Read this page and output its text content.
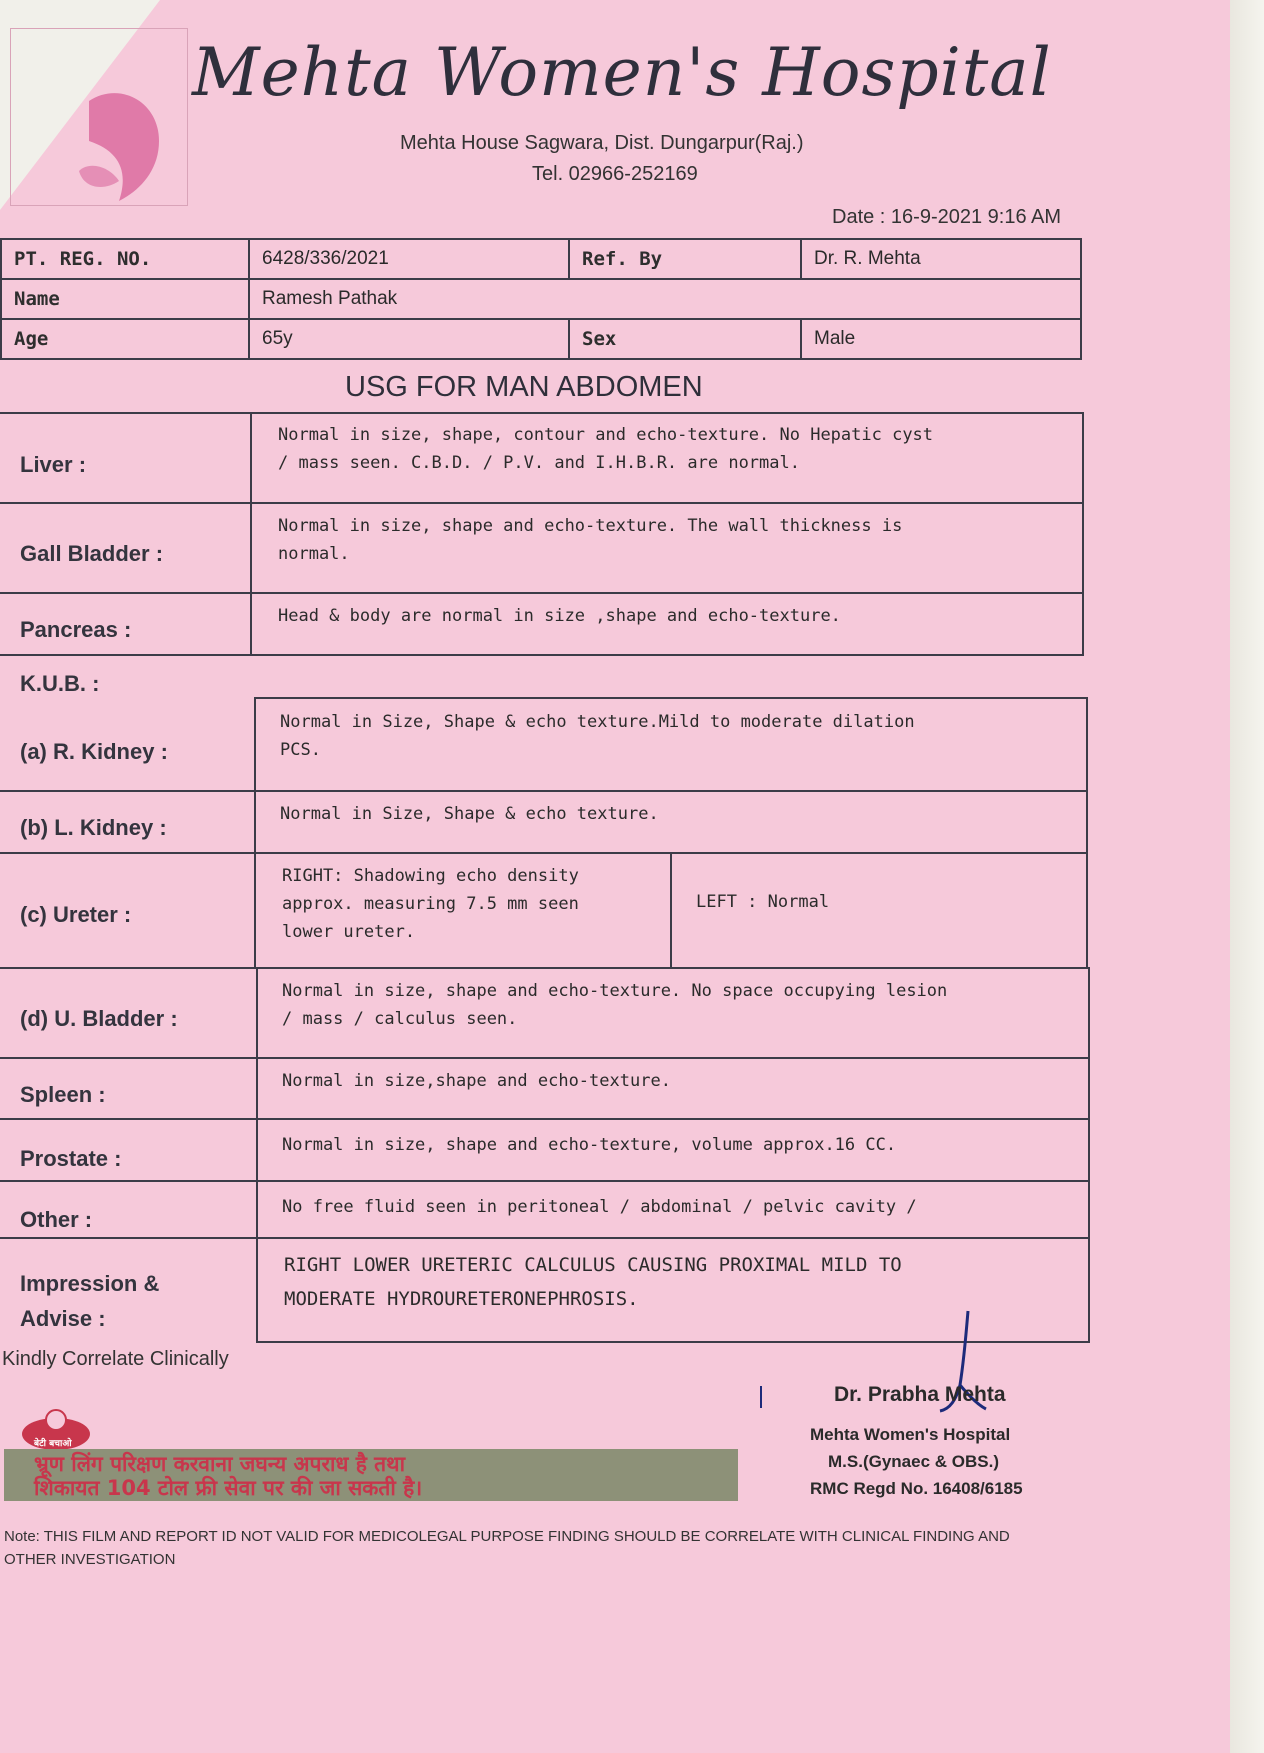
Mehta Women's Hospital
Mehta House Sagwara, Dist. Dungarpur(Raj.)
Tel. 02966-252169
Date : 16-9-2021 9:16 AM
PT. REG. NO.	6428/336/2021	Ref. By	Dr. R. Mehta
Name	Ramesh Pathak		
Age	65y	Sex	Male
USG FOR MAN ABDOMEN
Liver :
Normal in size, shape, contour and echo-texture. No Hepatic cyst
/ mass seen. C.B.D. / P.V. and I.H.B.R. are normal.
Gall Bladder :
Normal in size, shape and echo-texture. The wall thickness is
normal.
Pancreas :
Head & body are normal in size ,shape and echo-texture.
K.U.B. :
(a) R. Kidney :
Normal in Size, Shape & echo texture.Mild to moderate dilation
PCS.
(b) L. Kidney :
Normal in Size, Shape & echo texture.
(c) Ureter :
RIGHT: Shadowing echo density
approx. measuring 7.5 mm seen
lower ureter.
LEFT : Normal
(d) U. Bladder :
Normal in size, shape and echo-texture. No space occupying lesion
/ mass / calculus seen.
Spleen :
Normal in size,shape and echo-texture.
Prostate :
Normal in size, shape and echo-texture, volume approx.16 CC.
Other :	No free fluid seen in peritoneal / abdominal / pelvic cavity /
Impression &
Advise :
RIGHT LOWER URETERIC CALCULUS CAUSING PROXIMAL MILD TO
MODERATE HYDROURETERONEPHROSIS.
Kindly Correlate Clinically
Dr. Prabha Mehta
Mehta Women's Hospital
M.S.(Gynaec & OBS.)
RMC Regd No. 16408/6185
बेटी बचाओ
भ्रूण लिंग परिक्षण करवाना जघन्य अपराध है तथा
शिकायत 104 टोल फ्री सेवा पर की जा सकती है।
Note: THIS FILM AND REPORT ID NOT VALID FOR MEDICOLEGAL PURPOSE FINDING SHOULD BE CORRELATE WITH CLINICAL FINDING AND OTHER INVESTIGATION
